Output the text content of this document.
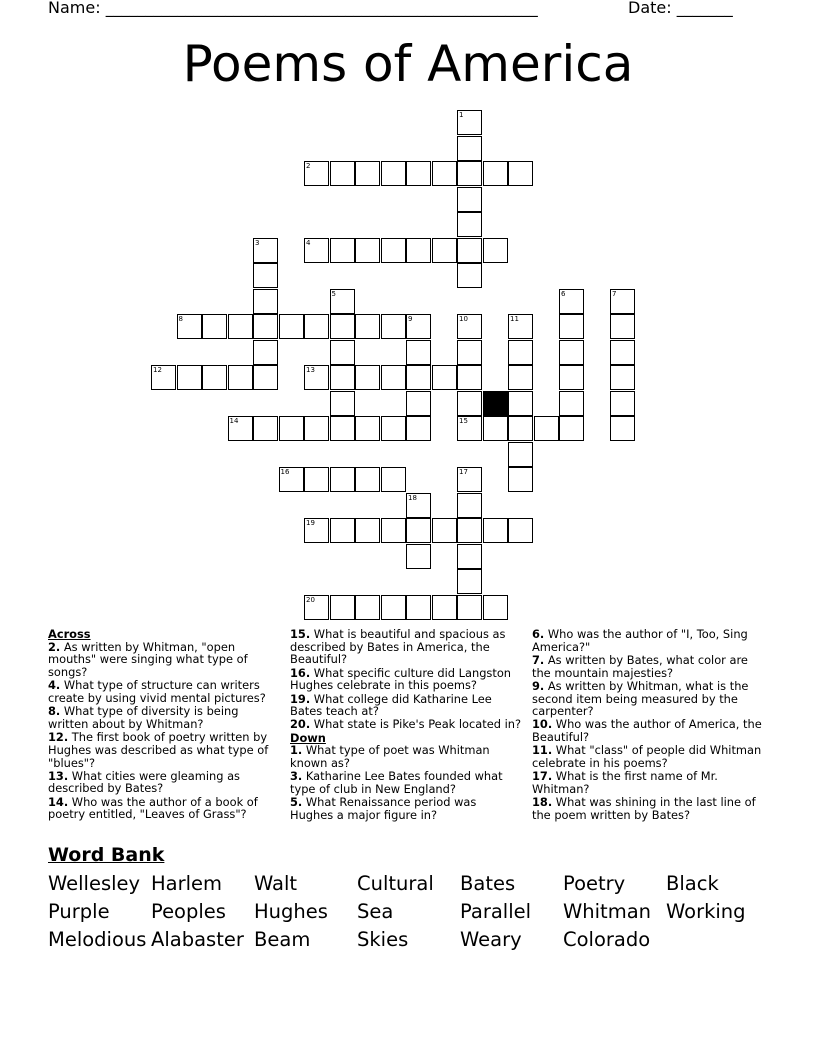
Name: ______________________________________________________	Date: _______
Poems of America
1
2
3	4
5	6	7
8	9	10
15
11
12	13
14
16	17
18
19
20
Across
2. As written by Whitman, "open mouths" were singing what type of songs?
4. What type of structure can writers create by using vivid mental pictures?
8. What type of diversity is being written about by Whitman?
12. The first book of poetry written by Hughes was described as what type of "blues"?
13. What cities were gleaming as described by Bates?
14. Who was the author of a book of poetry entitled, "Leaves of Grass"?
15. What is beautiful and spacious as described by Bates in America, the Beautiful?
16. What specific culture did Langston Hughes celebrate in this poems?
19. What college did Katharine Lee Bates teach at?
20. What state is Pike's Peak located in?
Down
1. What type of poet was Whitman known as?
3. Katharine Lee Bates founded what type of club in New England?
5. What Renaissance period was Hughes a major figure in?
6. Who was the author of "I, Too, Sing America?"
7. As written by Bates, what color are the mountain majesties?
9. As written by Whitman, what is the second item being measured by the carpenter?
10. Who was the author of America, the Beautiful?
11. What "class" of people did Whitman celebrate in his poems?
17. What is the first name of Mr. Whitman?
18. What was shining in the last line of the poem written by Bates?
Word Bank
Wellesley Harlem Walt	Cultural Bates Poetry Black
Purple Peoples Hughes Sea	Parallel Whitman Working
Melodious Alabaster Beam Skies	Weary Colorado
